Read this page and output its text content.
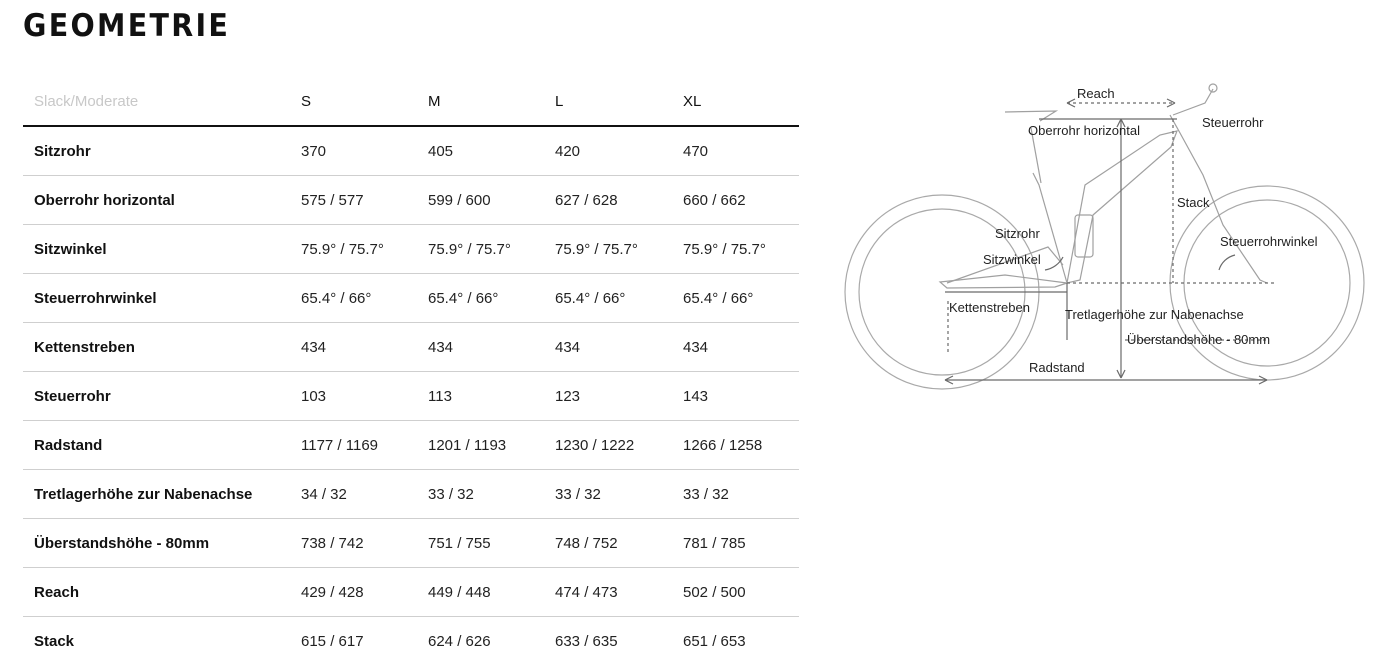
GEOMETRIE
Slack/Moderate	S	M	L	XL
Sitzrohr	370	405	420	470
Oberrohr horizontal	575 / 577	599 / 600	627 / 628	660 / 662
Sitzwinkel	75.9° / 75.7°	75.9° / 75.7°	75.9° / 75.7°	75.9° / 75.7°
Steuerrohrwinkel	65.4° / 66°	65.4° / 66°	65.4° / 66°	65.4° / 66°
Kettenstreben	434	434	434	434
Steuerrohr	103	113	123	143
Radstand	1177 / 1169	1201 / 1193	1230 / 1222	1266 / 1258
Tretlagerhöhe zur Nabenachse	34 / 32	33 / 32	33 / 32	33 / 32
Überstandshöhe - 80mm	738 / 742	751 / 755	748 / 752	781 / 785
Reach	429 / 428	449 / 448	474 / 473	502 / 500
Stack	615 / 617	624 / 626	633 / 635	651 / 653
Reach
Oberrohr horizontal
Steuerrohr
Stack
Sitzrohr
Steuerrohrwinkel
Sitzwinkel
Kettenstreben	Tretlagerhöhe zur Nabenachse
Überstandshöhe - 80mm
Radstand
